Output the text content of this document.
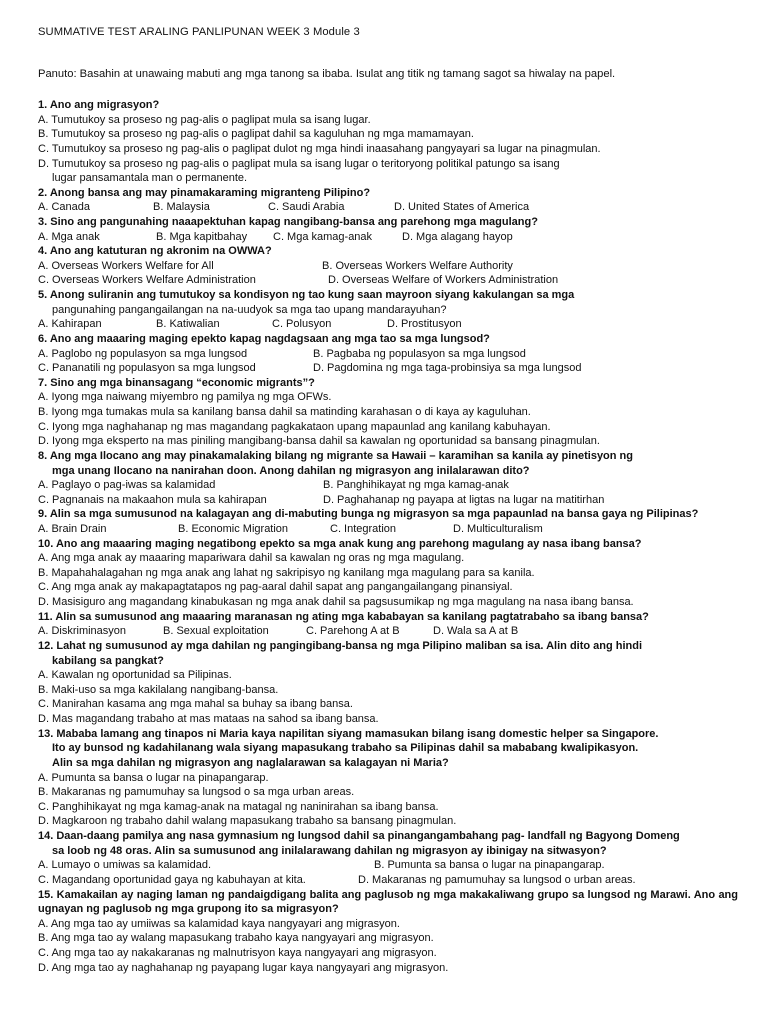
SUMMATIVE TEST ARALING PANLIPUNAN WEEK 3 Module 3
Panuto: Basahin at unawaing mabuti ang mga tanong sa ibaba. Isulat ang titik ng tamang sagot sa hiwalay na papel.
1. Ano ang migrasyon?
A. Tumutukoy sa proseso ng pag-alis o paglipat mula sa isang lugar.
B. Tumutukoy sa proseso ng pag-alis o paglipat dahil sa kaguluhan ng mga mamamayan.
C. Tumutukoy sa proseso ng pag-alis o paglipat dulot ng mga hindi inaasahang pangyayari sa lugar na pinagmulan.
D. Tumutukoy sa proseso ng pag-alis o paglipat mula sa isang lugar o teritoryong politikal patungo sa isang
lugar pansamantala man o permanente.
2. Anong bansa ang may pinamakaraming migranteng Pilipino?
A. Canada	B. Malaysia	C. Saudi Arabia	D. United States of America
3. Sino ang pangunahing naaapektuhan kapag nangibang-bansa ang parehong mga magulang?
A. Mga anak	B. Mga kapitbahay	C. Mga kamag-anak	D. Mga alagang hayop
4. Ano ang katuturan ng akronim na OWWA?
A. Overseas Workers Welfare for All	B. Overseas Workers Welfare Authority
C. Overseas Workers Welfare Administration	D. Overseas Welfare of Workers Administration
5. Anong suliranin ang tumutukoy sa kondisyon ng tao kung saan mayroon siyang kakulangan sa mga
pangunahing pangangailangan na na-uudyok sa mga tao upang mandarayuhan?
A. Kahirapan	B. Katiwalian	C. Polusyon	D. Prostitusyon
6. Ano ang maaaring maging epekto kapag nagdagsaan ang mga tao sa mga lungsod?
A. Paglobo ng populasyon sa mga lungsod	B. Pagbaba ng populasyon sa mga lungsod
C. Pananatili ng populasyon sa mga lungsod	D. Pagdomina ng mga taga-probinsiya sa mga lungsod
7. Sino ang mga binansagang “economic migrants”?
A. Iyong mga naiwang miyembro ng pamilya ng mga OFWs.
B. Iyong mga tumakas mula sa kanilang bansa dahil sa matinding karahasan o di kaya ay kaguluhan.
C. Iyong mga naghahanap ng mas magandang pagkakataon upang mapaunlad ang kanilang kabuhayan.
D. Iyong mga eksperto na mas piniling mangibang-bansa dahil sa kawalan ng oportunidad sa bansang pinagmulan.
8. Ang mga Ilocano ang may pinakamalaking bilang ng migrante sa Hawaii – karamihan sa kanila ay pinetisyon ng
mga unang Ilocano na nanirahan doon. Anong dahilan ng migrasyon ang inilalarawan dito?
A. Paglayo o pag-iwas sa kalamidad	B. Panghihikayat ng mga kamag-anak
C. Pagnanais na makaahon mula sa kahirapan	D. Paghahanap ng payapa at ligtas na lugar na matitirhan
9. Alin sa mga sumusunod na kalagayan ang di-mabuting bunga ng migrasyon sa mga papaunlad na bansa gaya ng Pilipinas?
A. Brain Drain	B. Economic Migration	C. Integration	D. Multiculturalism
10. Ano ang maaaring maging negatibong epekto sa mga anak kung ang parehong magulang ay nasa ibang bansa?
A. Ang mga anak ay maaaring mapariwara dahil sa kawalan ng oras ng mga magulang.
B. Mapahahalagahan ng mga anak ang lahat ng sakripisyo ng kanilang mga magulang para sa kanila.
C. Ang mga anak ay makapagtatapos ng pag-aaral dahil sapat ang pangangailangang pinansiyal.
D. Masisiguro ang magandang kinabukasan ng mga anak dahil sa pagsusumikap ng mga magulang na nasa ibang bansa.
11. Alin sa sumusunod ang maaaring maranasan ng ating mga kababayan sa kanilang pagtatrabaho sa ibang bansa?
A. Diskriminasyon	B. Sexual exploitation	C. Parehong A at B	D. Wala sa A at B
12. Lahat ng sumusunod ay mga dahilan ng pangingibang-bansa ng mga Pilipino maliban sa isa. Alin dito ang hindi
kabilang sa pangkat?
A. Kawalan ng oportunidad sa Pilipinas.
B. Maki-uso sa mga kakilalang nangibang-bansa.
C. Manirahan kasama ang mga mahal sa buhay sa ibang bansa.
D. Mas magandang trabaho at mas mataas na sahod sa ibang bansa.
13. Mababa lamang ang tinapos ni Maria kaya napilitan siyang mamasukan bilang isang domestic helper sa Singapore.
Ito ay bunsod ng kadahilanang wala siyang mapasukang trabaho sa Pilipinas dahil sa mababang kwalipikasyon.
Alin sa mga dahilan ng migrasyon ang naglalarawan sa kalagayan ni Maria?
A. Pumunta sa bansa o lugar na pinapangarap.
B. Makaranas ng pamumuhay sa lungsod o sa mga urban areas.
C. Panghihikayat ng mga kamag-anak na matagal ng naninirahan sa ibang bansa.
D. Magkaroon ng trabaho dahil walang mapasukang trabaho sa bansang pinagmulan.
14. Daan-daang pamilya ang nasa gymnasium ng lungsod dahil sa pinangangambahang pag- landfall ng Bagyong Domeng
sa loob ng 48 oras. Alin sa sumusunod ang inilalarawang dahilan ng migrasyon ay ibinigay na sitwasyon?
A. Lumayo o umiwas sa kalamidad.	B. Pumunta sa bansa o lugar na pinapangarap.
C. Magandang oportunidad gaya ng kabuhayan at kita.	D. Makaranas ng pamumuhay sa lungsod o urban areas.
15. Kamakailan ay naging laman ng pandaigdigang balita ang paglusob ng mga makakaliwang grupo sa lungsod ng Marawi. Ano ang ugnayan ng paglusob ng mga grupong ito sa migrasyon?
A. Ang mga tao ay umiiwas sa kalamidad kaya nangyayari ang migrasyon.
B. Ang mga tao ay walang mapasukang trabaho kaya nangyayari ang migrasyon.
C. Ang mga tao ay nakakaranas ng malnutrisyon kaya nangyayari ang migrasyon.
D. Ang mga tao ay naghahanap ng payapang lugar kaya nangyayari ang migrasyon.
